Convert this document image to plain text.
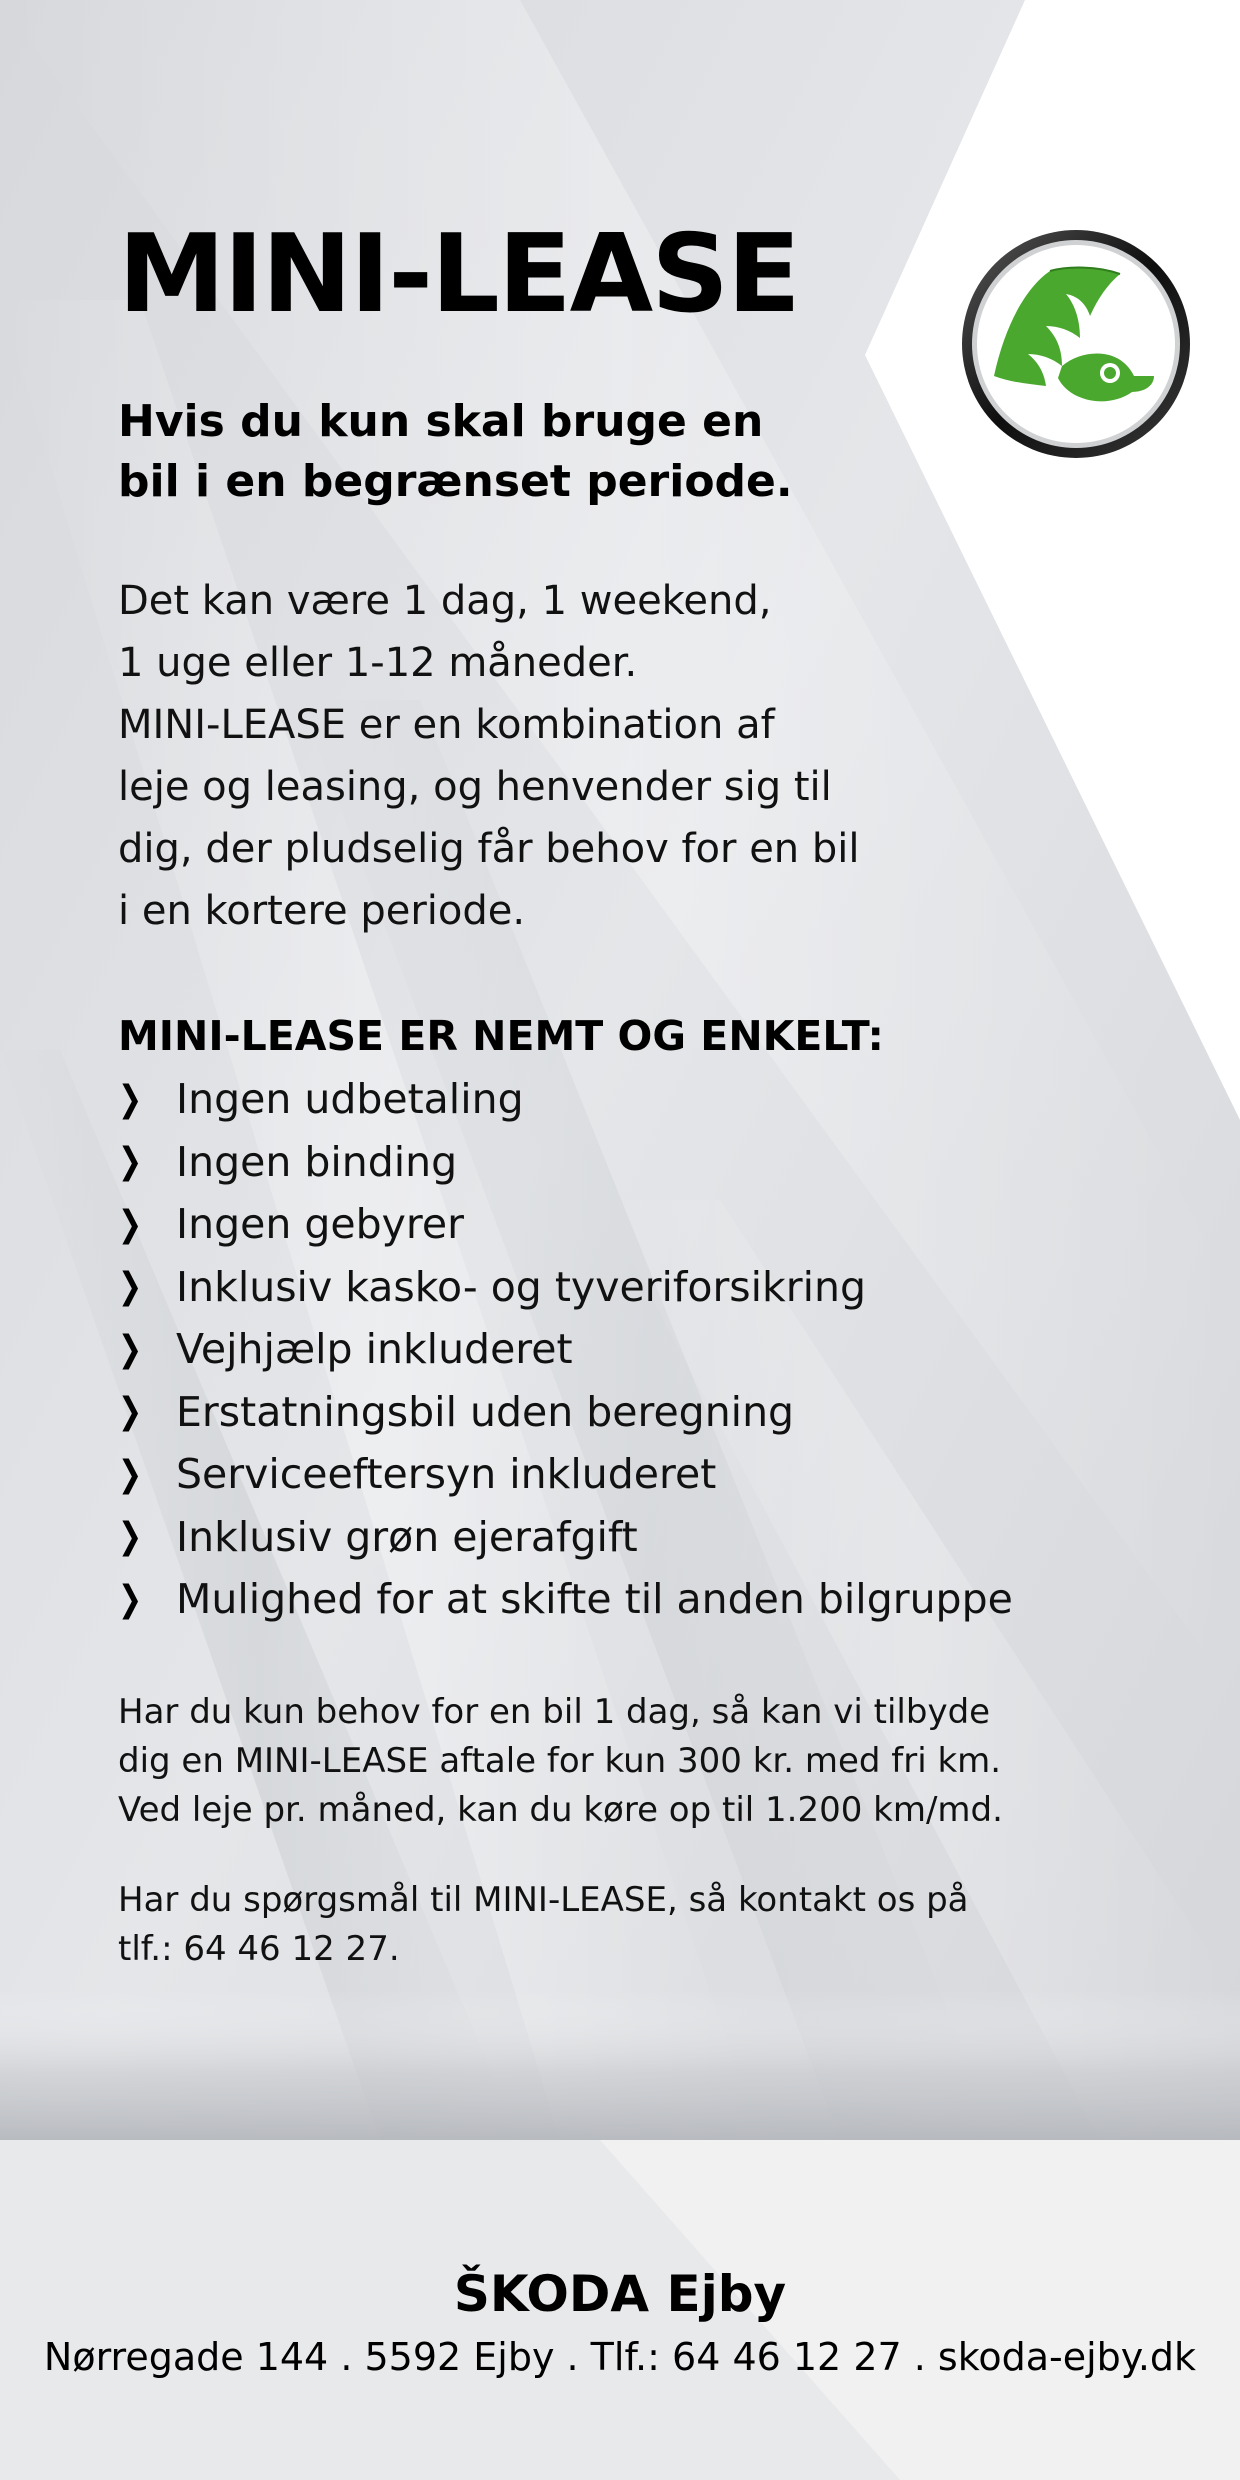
MINI-LEASE
Hvis du kun skal bruge en
bil i en begrænset periode.
Det kan være 1 dag, 1 weekend,
1 uge eller 1-12 måneder.
MINI-LEASE er en kombination af
leje og leasing, og henvender sig til
dig, der pludselig får behov for en bil
i en kortere periode.
MINI-LEASE ER NEMT OG ENKELT:
❯ Ingen udbetaling
❯ Ingen binding
❯ Ingen gebyrer
❯ Inklusiv kasko- og tyveriforsikring
❯ Vejhjælp inkluderet
❯ Erstatningsbil uden beregning
❯ Serviceeftersyn inkluderet
❯ Inklusiv grøn ejerafgift
❯ Mulighed for at skifte til anden bilgruppe
Har du kun behov for en bil 1 dag, så kan vi tilbyde
dig en MINI-LEASE aftale for kun 300 kr. med fri km.
Ved leje pr. måned, kan du køre op til 1.200 km/md.
Har du spørgsmål til MINI-LEASE, så kontakt os på
tlf.: 64 46 12 27.
ŠKODA Ejby
Nørregade 144 . 5592 Ejby . Tlf.: 64 46 12 27 . skoda-ejby.dk
